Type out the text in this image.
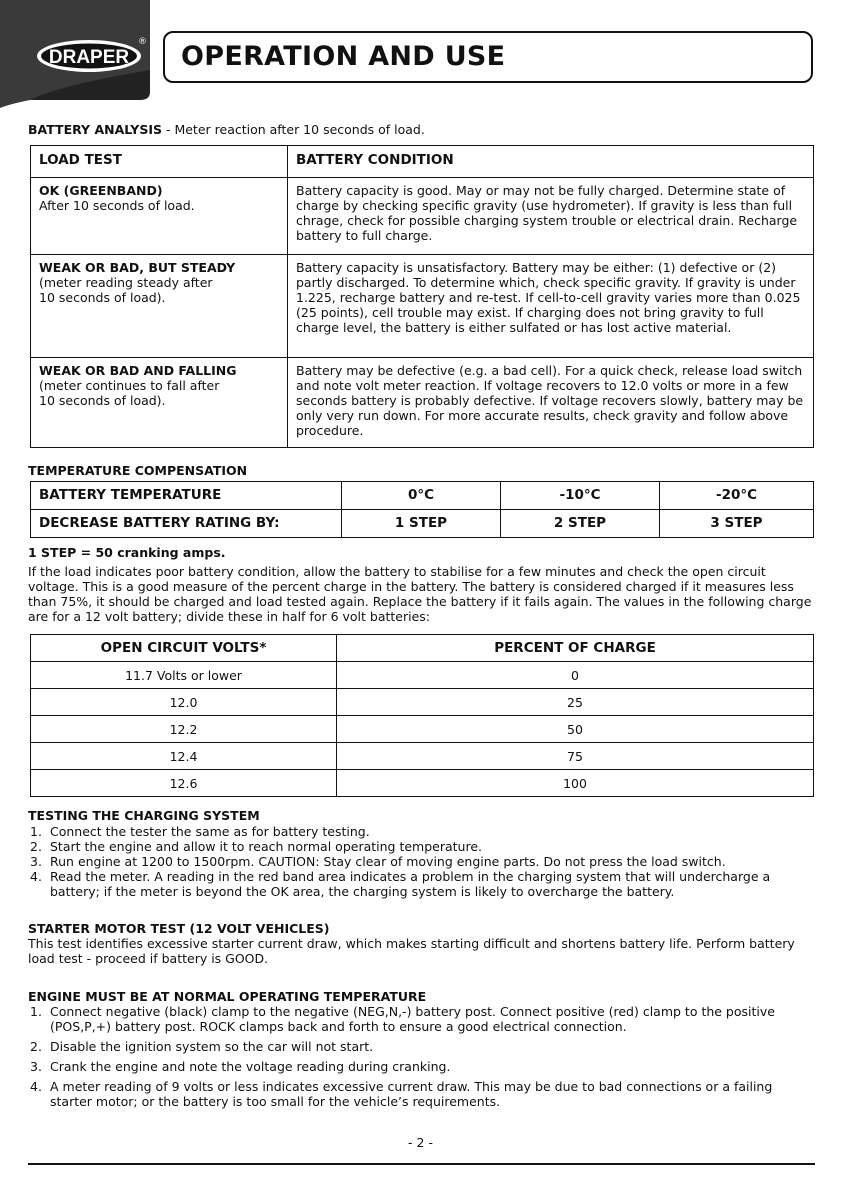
DRAPER
® OPERATION AND USE
BATTERY ANALYSIS - Meter reaction after 10 seconds of load.
LOAD TEST	BATTERY CONDITION

OK (GREENBAND)
After 10 seconds of load.	Battery capacity is good. May or may not be fully charged. Determine state of charge by checking specific gravity (use hydrometer). If gravity is less than full chrage, check for possible charging system trouble or electrical drain. Recharge battery to full charge.

WEAK OR BAD, BUT STEADY
(meter reading steady after 10 seconds of load).	Battery capacity is unsatisfactory. Battery may be either: (1) defective or (2) partly discharged. To determine which, check specific gravity. If gravity is under 1.225, recharge battery and re-test. If cell-to-cell gravity varies more than 0.025 (25 points), cell trouble may exist. If charging does not bring gravity to full charge level, the battery is either sulfated or has lost active material.

WEAK OR BAD AND FALLING
(meter continues to fall after 10 seconds of load).	Battery may be defective (e.g. a bad cell). For a quick check, release load switch and note volt meter reaction. If voltage recovers to 12.0 volts or more in a few seconds battery is probably defective. If voltage recovers slowly, battery may be only very run down. For more accurate results, check gravity and follow above procedure.
TEMPERATURE COMPENSATION
BATTERY TEMPERATURE	0°C	-10°C	-20°C
DECREASE BATTERY RATING BY:	1 STEP	2 STEP	3 STEP
1 STEP = 50 cranking amps.
If the load indicates poor battery condition, allow the battery to stabilise for a few minutes and check the open circuit voltage. This is a good measure of the percent charge in the battery. The battery is considered charged if it measures less than 75%, it should be charged and load tested again. Replace the battery if it fails again. The values in the following charge are for a 12 volt battery; divide these in half for 6 volt batteries:
OPEN CIRCUIT VOLTS*	PERCENT OF CHARGE
11.7 Volts or lower	0
12.0	25
12.2	50
12.4	75
12.6	100
TESTING THE CHARGING SYSTEM
1. Connect the tester the same as for battery testing.
2. Start the engine and allow it to reach normal operating temperature.
3. Run engine at 1200 to 1500rpm. CAUTION: Stay clear of moving engine parts. Do not press the load switch.
4. Read the meter. A reading in the red band area indicates a problem in the charging system that will undercharge a battery; if the meter is beyond the OK area, the charging system is likely to overcharge the battery.
STARTER MOTOR TEST (12 VOLT VEHICLES)
This test identifies excessive starter current draw, which makes starting difficult and shortens battery life. Perform battery load test - proceed if battery is GOOD.
ENGINE MUST BE AT NORMAL OPERATING TEMPERATURE
1. Connect negative (black) clamp to the negative (NEG,N,-) battery post. Connect positive (red) clamp to the positive (POS,P,+) battery post. ROCK clamps back and forth to ensure a good electrical connection.
2. Disable the ignition system so the car will not start.
3. Crank the engine and note the voltage reading during cranking.
4. A meter reading of 9 volts or less indicates excessive current draw. This may be due to bad connections or a failing starter motor; or the battery is too small for the vehicle’s requirements.
- 2 -
